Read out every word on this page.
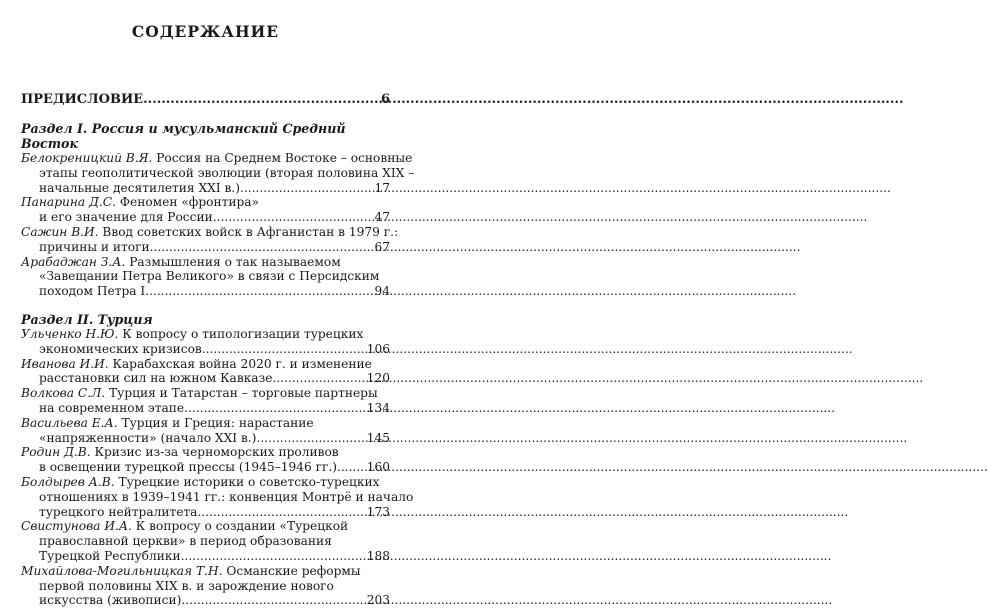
СОДЕРЖАНИЕ
ПРЕДИСЛОВИЕ .....	6
Раздел I. Россия и мусульманский Средний Восток
Белокреницкий В.Я. Россия на Среднем Востоке – основные
этапы геополитической эволюции (вторая половина XIX –
начальные десятилетия XXI в.) .....	17
Панарина Д.С. Феномен «фронтира»
и его значение для России. .....	47
Сажин В.И. Ввод советских войск в Афганистан в 1979 г.:
причины и итоги .....	67
Арабаджан З.А. Размышления о так называемом
«Завещании Петра Великого» в связи с Персидским
походом Петра I .....	94
Раздел II. Турция
Ульченко Н.Ю. К вопросу о типологизации турецких
экономических кризисов .....	106
Иванова И.И. Карабахская война 2020 г. и изменение
расстановки сил на южном Кавказе .....	120
Волкова С.Л. Турция и Татарстан – торговые партнеры
на современном этапе .....	134
Васильева Е.А. Турция и Греция: нарастание
«напряженности» (начало XXI в.) .....	145
Родин Д.В. Кризис из-за черноморских проливов
в освещении турецкой прессы (1945–1946 гг.) ..... 160
Болдырев А.В. Турецкие историки о советско-турецких
отношениях в 1939–1941 гг.: конвенция Монтрё и начало
турецкого нейтралитета .....	173
Свистунова И.А. К вопросу о создании «Турецкой
православной церкви» в период образования
Турецкой Республики .....	188
Михайлова-Могильницкая Т.Н. Османские реформы
первой половины XIX в. и зарождение нового
искусства (живописи) .....	203
